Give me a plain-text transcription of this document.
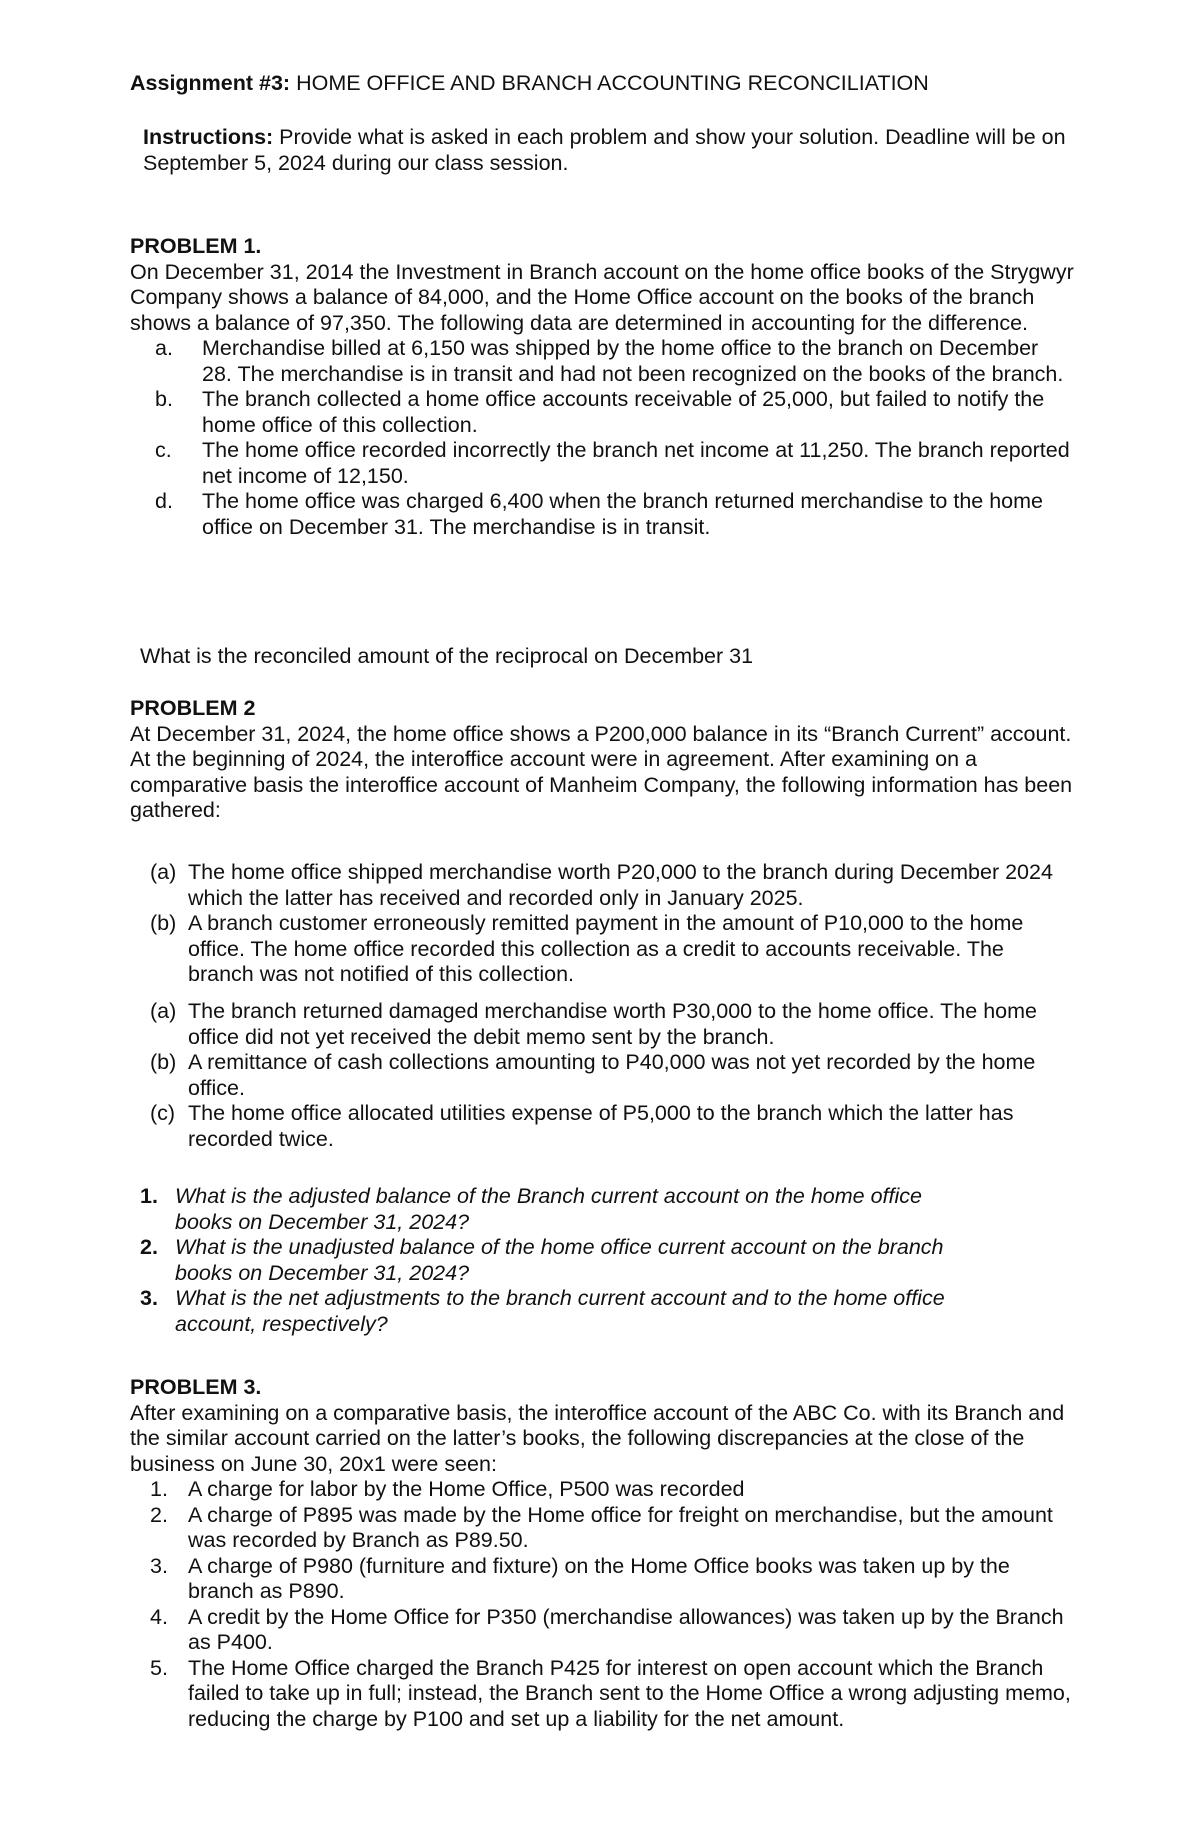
Assignment #3: HOME OFFICE AND BRANCH ACCOUNTING RECONCILIATION

Instructions: Provide what is asked in each problem and show your solution. Deadline will be on September 5, 2024 during our class session.

PROBLEM 1.

On December 31, 2014 the Investment in Branch account on the home office books of the Strygwyr Company shows a balance of 84,000, and the Home Office account on the books of the branch shows a balance of 97,350. The following data are determined in accounting for the difference.

a. Merchandise billed at 6,150 was shipped by the home office to the branch on December 28. The merchandise is in transit and had not been recognized on the books of the branch.
b. The branch collected a home office accounts receivable of 25,000, but failed to notify the home office of this collection.
c. The home office recorded incorrectly the branch net income at 11,250. The branch reported net income of 12,150.
d. The home office was charged 6,400 when the branch returned merchandise to the home office on December 31. The merchandise is in transit.

What is the reconciled amount of the reciprocal on December 31

PROBLEM 2

At December 31, 2024, the home office shows a P200,000 balance in its “Branch Current” account. At the beginning of 2024, the interoffice account were in agreement. After examining on a comparative basis the interoffice account of Manheim Company, the following information has been gathered:

(a) The home office shipped merchandise worth P20,000 to the branch during December 2024 which the latter has received and recorded only in January 2025.
(b) A branch customer erroneously remitted payment in the amount of P10,000 to the home office. The home office recorded this collection as a credit to accounts receivable. The branch was not notified of this collection.
(a) The branch returned damaged merchandise worth P30,000 to the home office. The home office did not yet received the debit memo sent by the branch.
(b) A remittance of cash collections amounting to P40,000 was not yet recorded by the home office.
(c) The home office allocated utilities expense of P5,000 to the branch which the latter has recorded twice.
1. What is the adjusted balance of the Branch current account on the home office books on December 31, 2024?
2. What is the unadjusted balance of the home office current account on the branch books on December 31, 2024?
3. What is the net adjustments to the branch current account and to the home office account, respectively?

PROBLEM 3.

After examining on a comparative basis, the interoffice account of the ABC Co. with its Branch and the similar account carried on the latter’s books, the following discrepancies at the close of the business on June 30, 20x1 were seen:

1. A charge for labor by the Home Office, P500 was recorded
2. A charge of P895 was made by the Home office for freight on merchandise, but the amount was recorded by Branch as P89.50.
3. A charge of P980 (furniture and fixture) on the Home Office books was taken up by the
branch as P890.
4. A credit by the Home Office for P350 (merchandise allowances) was taken up by the Branch as P400.
5. The Home Office charged the Branch P425 for interest on open account which the Branch failed to take up in full; instead, the Branch sent to the Home Office a wrong adjusting memo, reducing the charge by P100 and set up a liability for the net amount.
